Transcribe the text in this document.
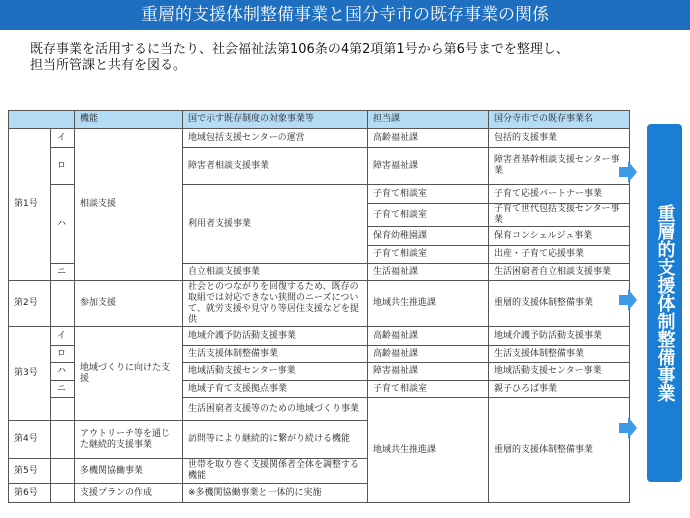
重層的支援体制整備事業と国分寺市の既存事業の関係
既存事業を活用するに当たり、社会福祉法第106条の4第2項第1号から第6号までを整理し、
担当所管課と共有を図る。
		機能	国で示す既存制度の対象事業等	担当課	国分寺市での既存事業名
第1号	イ	相談支援	地域包括支援センターの運営	高齢福祉課	包括的支援事業
	ロ		障害者相談支援事業	障害福祉課	障害者基幹相談支援センター事業
	ハ		利用者支援事業	子育て相談室	子育て応援パートナー事業
				子育て相談室	子育て世代包括支援センター事業
				保育幼稚園課	保育コンシェルジュ事業
				子育て相談室	出産・子育て応援事業
	ニ		自立相談支援事業	生活福祉課	生活困窮者自立相談支援事業
第2号		参加支援	社会とのつながりを回復するため、既存の取組では対応できない狭間のニーズについて、就労支援や見守り等居住支援などを提供	地域共生推進課	重層的支援体制整備事業
第3号	イ	地域づくりに向けた支援	地域介護予防活動支援事業	高齢福祉課	地域介護予防活動支援事業
	ロ		生活支援体制整備事業	高齢福祉課	生活支援体制整備事業
	ハ		地域活動支援センター事業	障害福祉課	地域活動支援センター事業
	ニ		地域子育て支援拠点事業	子育て相談室	親子ひろば事業
			生活困窮者支援等のための地域づくり事業	地域共生推進課	重層的支援体制整備事業
第4号		アウトリーチ等を通じた継続的支援事業	訪問等により継続的に繋がり続ける機能		
第5号		多機関協働事業	世帯を取り巻く支援関係者全体を調整する機能		
第6号		支援プランの作成	※多機関協働事業と一体的に実施		
重層的支援体制整備事業
